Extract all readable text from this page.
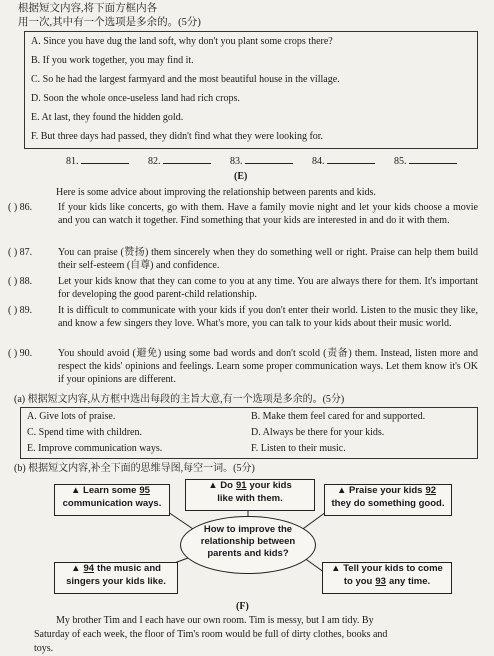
根据短文内容,将下面方框内各
用一次,其中有一个选项是多余的。(5分)
A. Since you have dug the land soft, why don't you plant some crops there?
B. If you work together, you may find it.
C. So he had the largest farmyard and the most beautiful house in the village.
D. Soon the whole once-useless land had rich crops.
E. At last, they found the hidden gold.
F. But three days had passed, they didn't find what they were looking for.
81.	82.	83.	84.	85.
(E)
Here is some advice about improving the relationship between parents and kids.
( ) 86.	If your kids like concerts, go with them. Have a family movie night and let your kids choose a movie and you can watch it together. Find something that your kids are interested in and do it with them.
( ) 87.	You can praise (赞扬) them sincerely when they do something well or right. Praise can help them build their self-esteem (自尊) and confidence.
( ) 88.	Let your kids know that they can come to you at any time. You are always there for them. It's important for developing the good parent-child relationship.
( ) 89.	It is difficult to communicate with your kids if you don't enter their world. Listen to the music they like, and know a few singers they love. What's more, you can talk to your kids about their music world.
( ) 90.	You should avoid (避免) using some bad words and don't scold (责备) them. Instead, listen more and respect the kids' opinions and feelings. Learn some proper communication ways. Let them know it's OK if your opinions are different.
(a) 根据短文内容,从方框中选出每段的主旨大意,有一个选项是多余的。(5分)
A. Give lots of praise.	B. Make them feel cared for and supported.
C. Spend time with children.	D. Always be there for your kids.
E. Improve communication ways.	F. Listen to their music.
(b) 根据短文内容,补全下面的思维导图,每空一词。(5分)
▲ Do 91 your kids
like with them.
▲ Learn some 95
communication ways.
▲ Praise your kids 92
they do something good.
How to improve the
relationship between
parents and kids?
▲ 94 the music and
singers your kids like.
▲ Tell your kids to come
to you 93 any time.
(F)
My brother Tim and I each have our own room. Tim is messy, but I am tidy. By
Saturday of each week, the floor of Tim's room would be full of dirty clothes, books and
toys.
